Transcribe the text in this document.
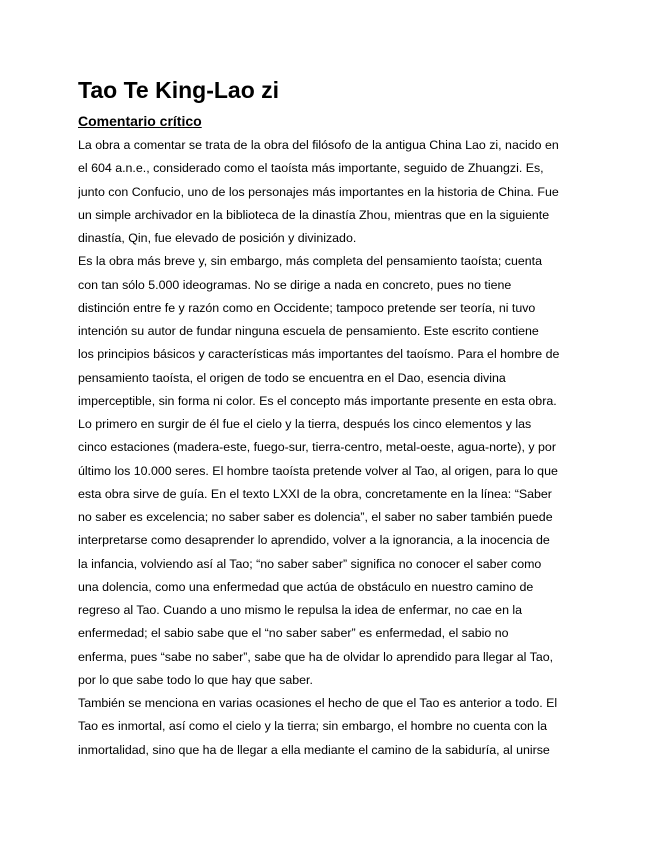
Tao Te King-Lao zi
Comentario crítico
La obra a comentar se trata de la obra del filósofo de la antigua China Lao zi, nacido en
el 604 a.n.e., considerado como el taoísta más importante, seguido de Zhuangzi. Es,
junto con Confucio, uno de los personajes más importantes en la historia de China. Fue
un simple archivador en la biblioteca de la dinastía Zhou, mientras que en la siguiente
dinastía, Qin, fue elevado de posición y divinizado.
Es la obra más breve y, sin embargo, más completa del pensamiento taoísta; cuenta
con tan sólo 5.000 ideogramas. No se dirige a nada en concreto, pues no tiene
distinción entre fe y razón como en Occidente; tampoco pretende ser teoría, ni tuvo
intención su autor de fundar ninguna escuela de pensamiento. Este escrito contiene
los principios básicos y características más importantes del taoísmo. Para el hombre de
pensamiento taoísta, el origen de todo se encuentra en el Dao, esencia divina
imperceptible, sin forma ni color. Es el concepto más importante presente en esta obra.
Lo primero en surgir de él fue el cielo y la tierra, después los cinco elementos y las
cinco estaciones (madera-este, fuego-sur, tierra-centro, metal-oeste, agua-norte), y por
último los 10.000 seres. El hombre taoísta pretende volver al Tao, al origen, para lo que
esta obra sirve de guía. En el texto LXXI de la obra, concretamente en la línea: “Saber
no saber es excelencia; no saber saber es dolencia”, el saber no saber también puede
interpretarse como desaprender lo aprendido, volver a la ignorancia, a la inocencia de
la infancia, volviendo así al Tao; “no saber saber” significa no conocer el saber como
una dolencia, como una enfermedad que actúa de obstáculo en nuestro camino de
regreso al Tao. Cuando a uno mismo le repulsa la idea de enfermar, no cae en la
enfermedad; el sabio sabe que el “no saber saber” es enfermedad, el sabio no
enferma, pues “sabe no saber”, sabe que ha de olvidar lo aprendido para llegar al Tao,
por lo que sabe todo lo que hay que saber.
También se menciona en varias ocasiones el hecho de que el Tao es anterior a todo. El
Tao es inmortal, así como el cielo y la tierra; sin embargo, el hombre no cuenta con la
inmortalidad, sino que ha de llegar a ella mediante el camino de la sabiduría, al unirse
